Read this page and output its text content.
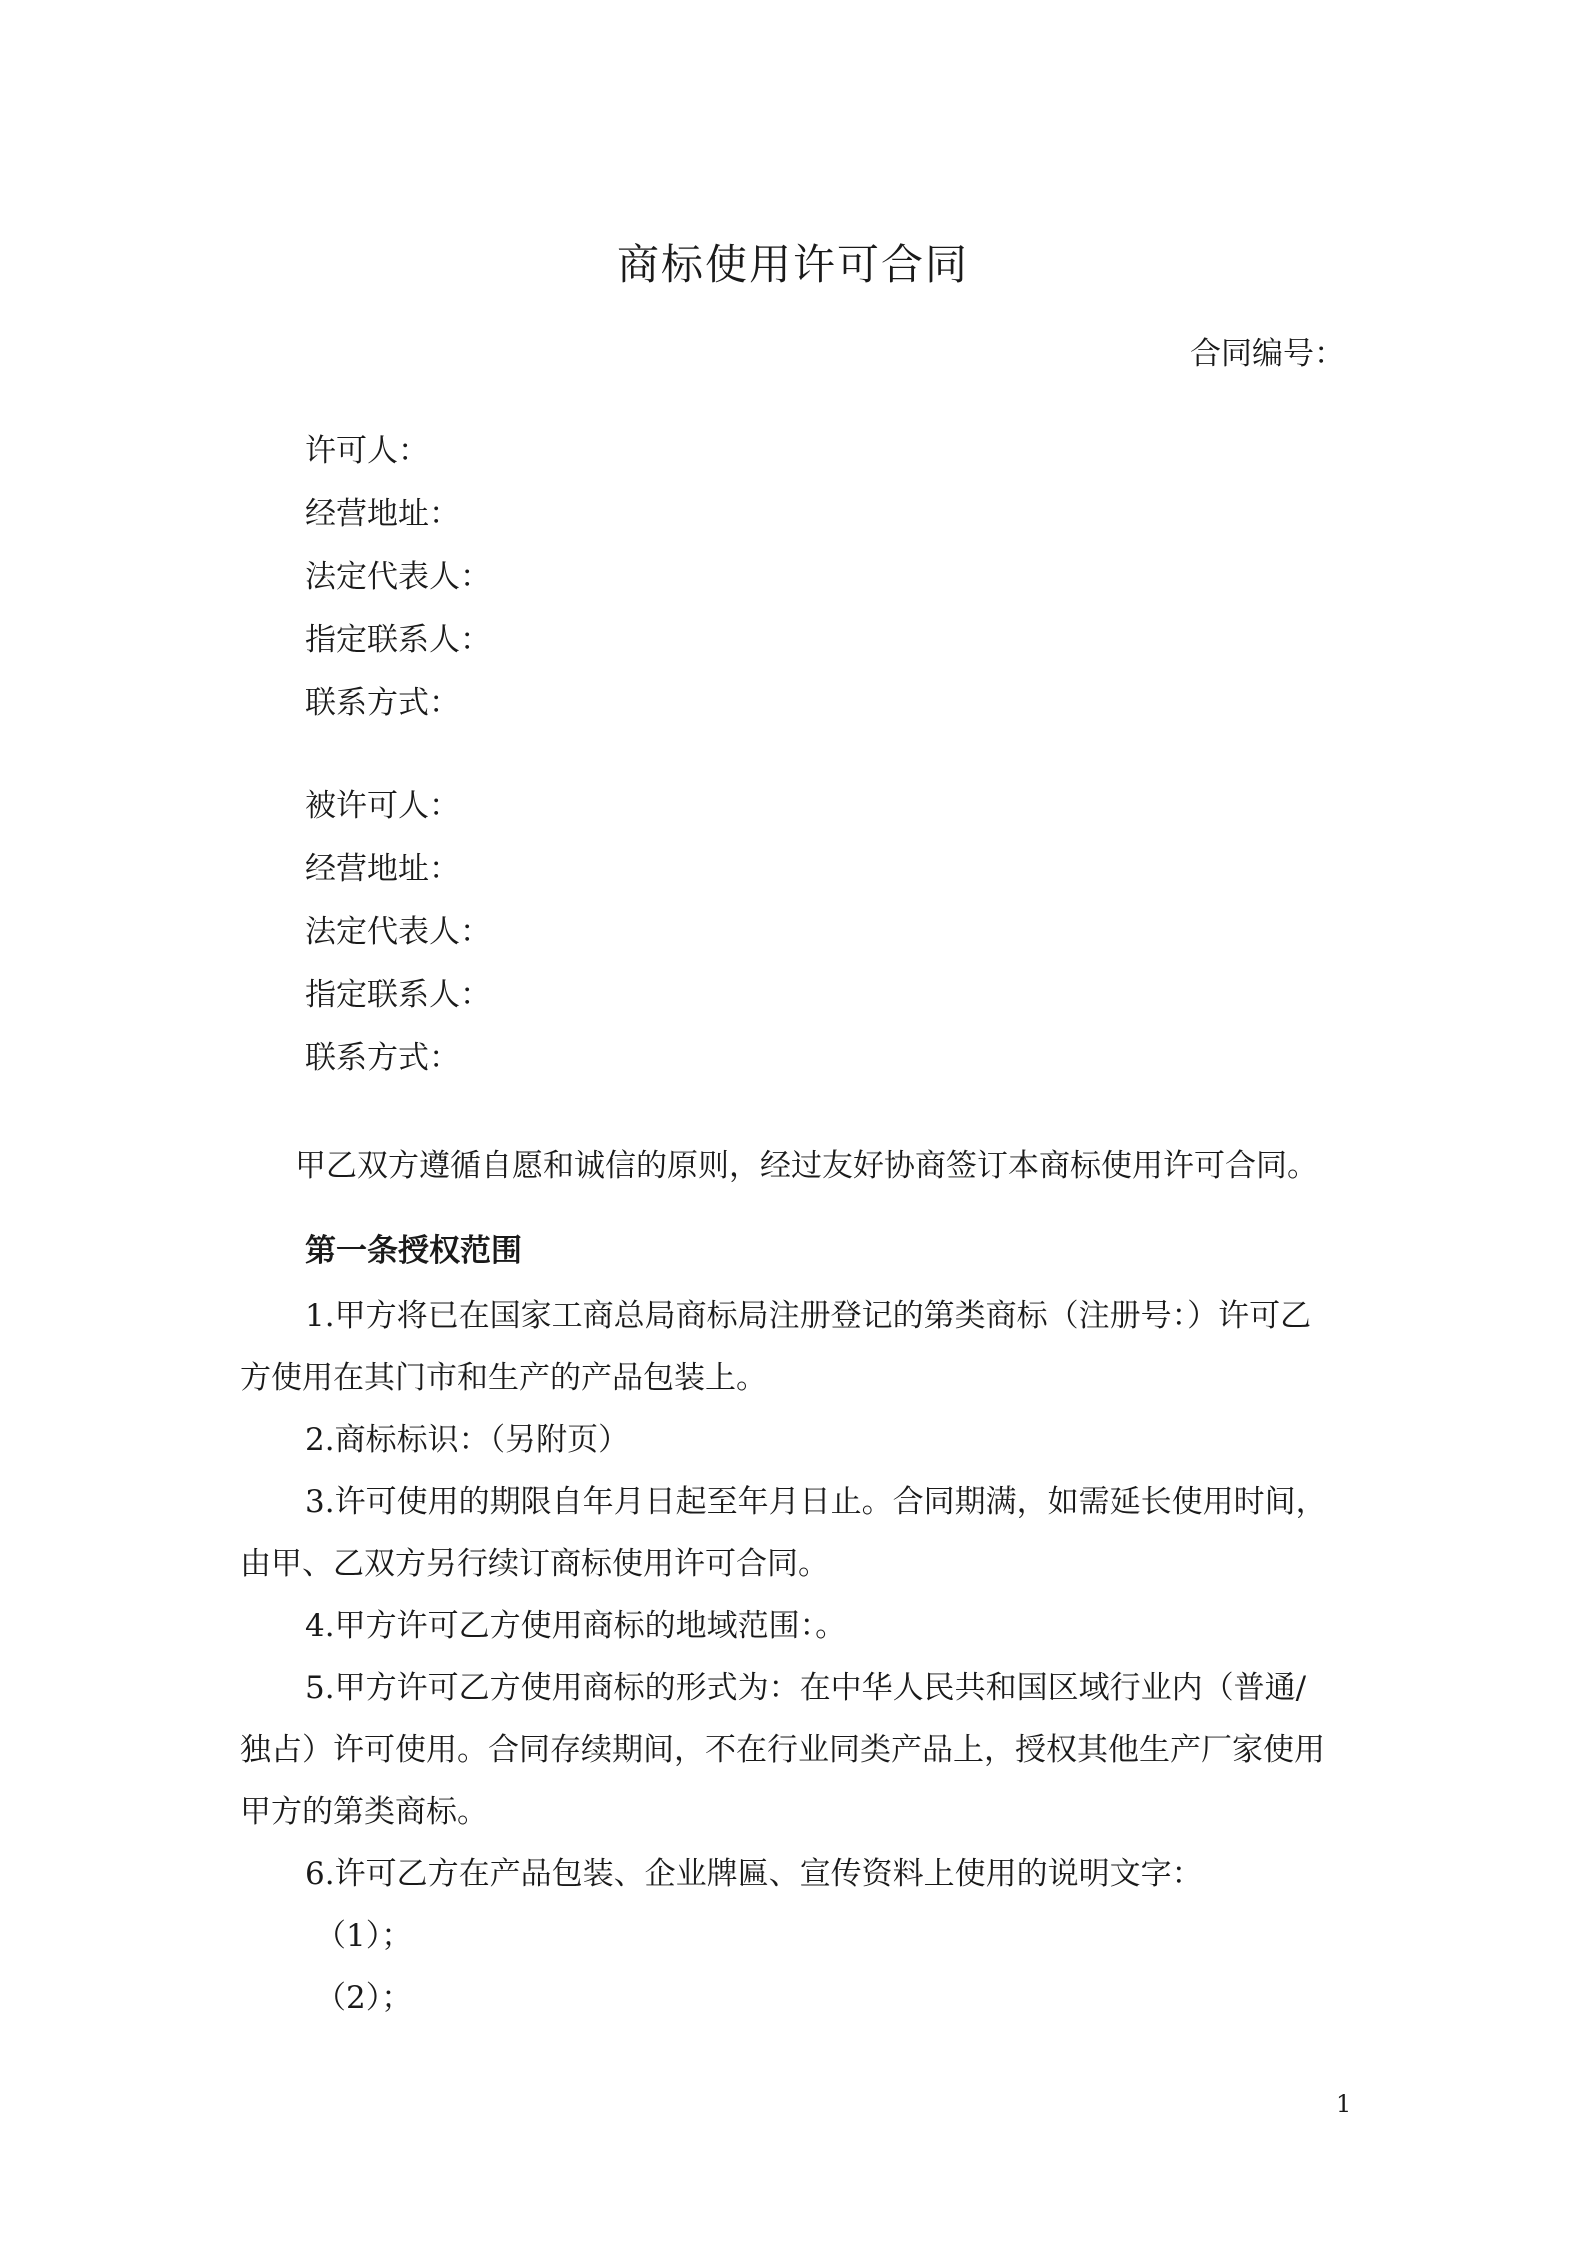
商标使用许可合同
合同编号：
许可人：
经营地址：
法定代表人：
指定联系人：
联系方式：
被许可人：
经营地址：
法定代表人：
指定联系人：
联系方式：
甲乙双方遵循自愿和诚信的原则，经过友好协商签订本商标使用许可合同。
第一条授权范围
1.甲方将已在国家工商总局商标局注册登记的第类商标（注册号：）许可乙
方使用在其门市和生产的产品包装上。
2.商标标识：（另附页）
3.许可使用的期限自年月日起至年月日止。合同期满，如需延长使用时间，
由甲、乙双方另行续订商标使用许可合同。
4.甲方许可乙方使用商标的地域范围：。
5.甲方许可乙方使用商标的形式为：在中华人民共和国区域行业内（普通/
独占）许可使用。合同存续期间，不在行业同类产品上，授权其他生产厂家使用
甲方的第类商标。
6.许可乙方在产品包装、企业牌匾、宣传资料上使用的说明文字：
（1）；
（2）；
1
